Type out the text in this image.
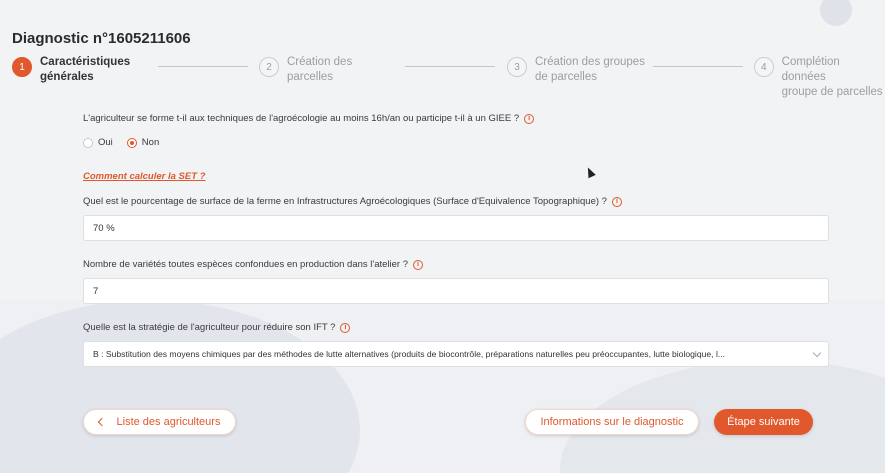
Diagnostic n°1605211606
1	Caractéristiques
générales
2	Création des
parcelles
3	Création des groupes
de parcelles
4	Complétion données
groupe de parcelles
L'agriculteur se forme t-il aux techniques de l'agroécologie au moins 16h/an ou participe t-il à un GIEE ?	i
Oui	Non
Comment calculer la SET ?
Quel est le pourcentage de surface de la ferme en Infrastructures Agroécologiques (Surface d'Equivalence Topographique) ?	i
70 %
Nombre de variétés toutes espèces confondues en production dans l'atelier ?	i
7
Quelle est la stratégie de l'agriculteur pour réduire son IFT ?	i
B : Substitution des moyens chimiques par des méthodes de lutte alternatives (produits de biocontrôle, préparations naturelles peu préoccupantes, lutte biologique, l...
Liste des agriculteurs	Informations sur le diagnostic	Étape suivante
